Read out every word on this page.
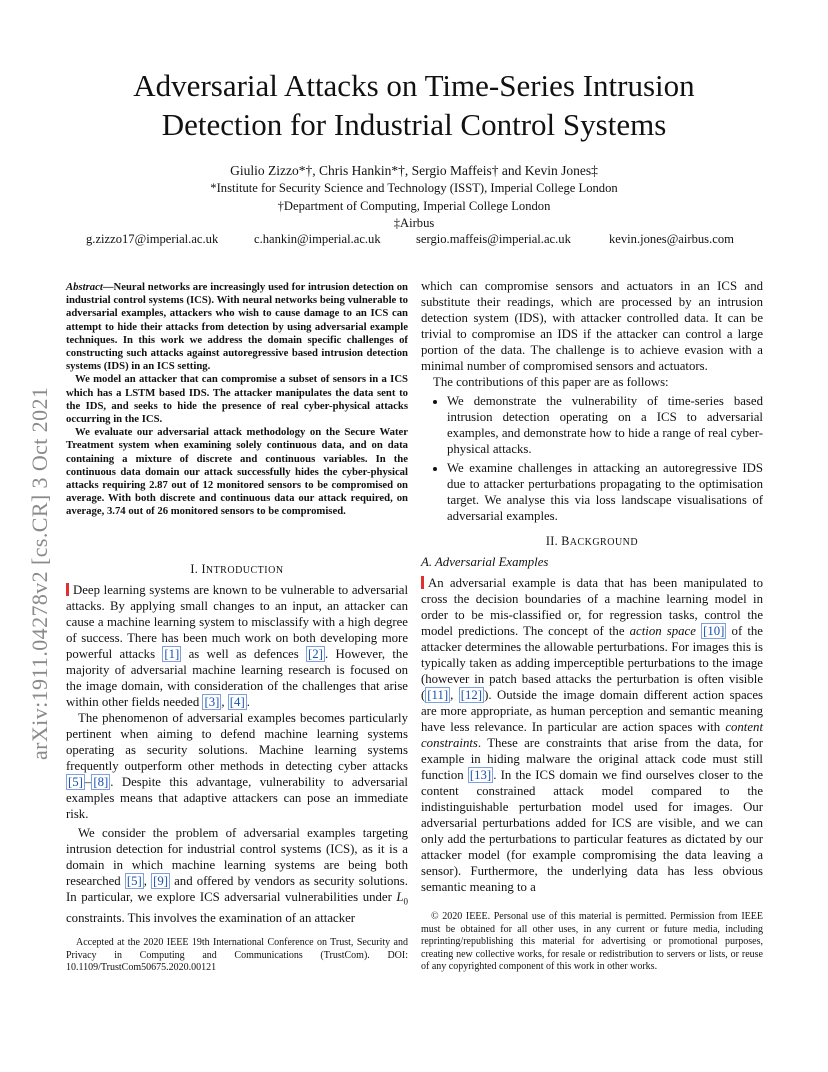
arXiv:1911.04278v2 [cs.CR] 3 Oct 2021
Adversarial Attacks on Time-Series Intrusion
Detection for Industrial Control Systems
Giulio Zizzo*†, Chris Hankin*†, Sergio Maffeis† and Kevin Jones‡
*Institute for Security Science and Technology (ISST), Imperial College London
†Department of Computing, Imperial College London
‡Airbus
g.zizzo17@imperial.ac.uk	c.hankin@imperial.ac.uk	sergio.maffeis@imperial.ac.uk	kevin.jones@airbus.com

Abstract—Neural networks are increasingly used for intrusion detection on industrial control systems (ICS). With neural networks being vulnerable to adversarial examples, attackers who wish to cause damage to an ICS can attempt to hide their attacks from detection by using adversarial example techniques. In this work we address the domain specific challenges of constructing such attacks against autoregressive based intrusion detection systems (IDS) in an ICS setting.

We model an attacker that can compromise a subset of sensors in a ICS which has a LSTM based IDS. The attacker manipulates the data sent to the IDS, and seeks to hide the presence of real cyber-physical attacks occurring in the ICS.

We evaluate our adversarial attack methodology on the Secure Water Treatment system when examining solely continuous data, and on data containing a mixture of discrete and continuous variables. In the continuous data domain our attack successfully hides the cyber-physical attacks requiring 2.87 out of 12 monitored sensors to be compromised on average. With both discrete and continuous data our attack required, on average, 3.74 out of 26 monitored sensors to be compromised.

I. INTRODUCTION

Deep learning systems are known to be vulnerable to adversarial attacks. By applying small changes to an input, an attacker can cause a machine learning system to misclassify with a high degree of success. There has been much work on both developing more powerful attacks [1] as well as defences [2] . However, the majority of adversarial machine learning research is focused on the image domain, with consideration of the challenges that arise within other fields needed [3] , [4] .

The phenomenon of adversarial examples becomes particularly pertinent when aiming to defend machine learning systems operating as security solutions. Machine learning systems frequently outperform other methods in detecting cyber attacks [5] – [8] . Despite this advantage, vulnerability to adversarial examples means that adaptive attackers can pose an immediate risk.

We consider the problem of adversarial examples targeting intrusion detection for industrial control systems (ICS), as it is a domain in which machine learning systems are being both researched [5] , [9] and offered by vendors as security solutions. In particular, we explore ICS adversarial vulnerabilities under $L_0$ constraints. This involves the examination of an attacker

which can compromise sensors and actuators in an ICS and substitute their readings, which are processed by an intrusion detection system (IDS), with attacker controlled data. It can be trivial to compromise an IDS if the attacker can control a large portion of the data. The challenge is to achieve evasion with a minimal number of compromised sensors and actuators.

The contributions of this paper are as follows:

• We demonstrate the vulnerability of time-series based intrusion detection operating on a ICS to adversarial examples, and demonstrate how to hide a range of real cyber-physical attacks.
• We examine challenges in attacking an autoregressive IDS due to attacker perturbations propagating to the optimisation target. We analyse this via loss landscape visualisations of adversarial examples.
II. BACKGROUND
A. Adversarial Examples

An adversarial example is data that has been manipulated to cross the decision boundaries of a machine learning model in order to be mis-classified or, for regression tasks, control the model predictions. The concept of the action space [10] of the attacker determines the allowable perturbations. For images this is typically taken as adding imperceptible perturbations to the image (however in patch based attacks the perturbation is often visible ( [11] , [12] ). Outside the image domain different action spaces are more appropriate, as human perception and semantic meaning have less relevance. In particular are action spaces with content constraints. These are constraints that arise from the data, for example in hiding malware the original attack code must still function [13] . In the ICS domain we find ourselves closer to the content constrained attack model compared to the indistinguishable perturbation model used for images. Our adversarial perturbations added for ICS are visible, and we can only add the perturbations to particular features as dictated by our attacker model (for example compromising the data leaving a sensor). Furthermore, the underlying data has less obvious semantic meaning to a

Accepted at the 2020 IEEE 19th International Conference on Trust, Security and Privacy in Computing and Communications (TrustCom). DOI: 10.1109/TrustCom50675.2020.00121

© 2020 IEEE. Personal use of this material is permitted. Permission from IEEE must be obtained for all other uses, in any current or future media, including reprinting/republishing this material for advertising or promotional purposes, creating new collective works, for resale or redistribution to servers or lists, or reuse of any copyrighted component of this work in other works.
